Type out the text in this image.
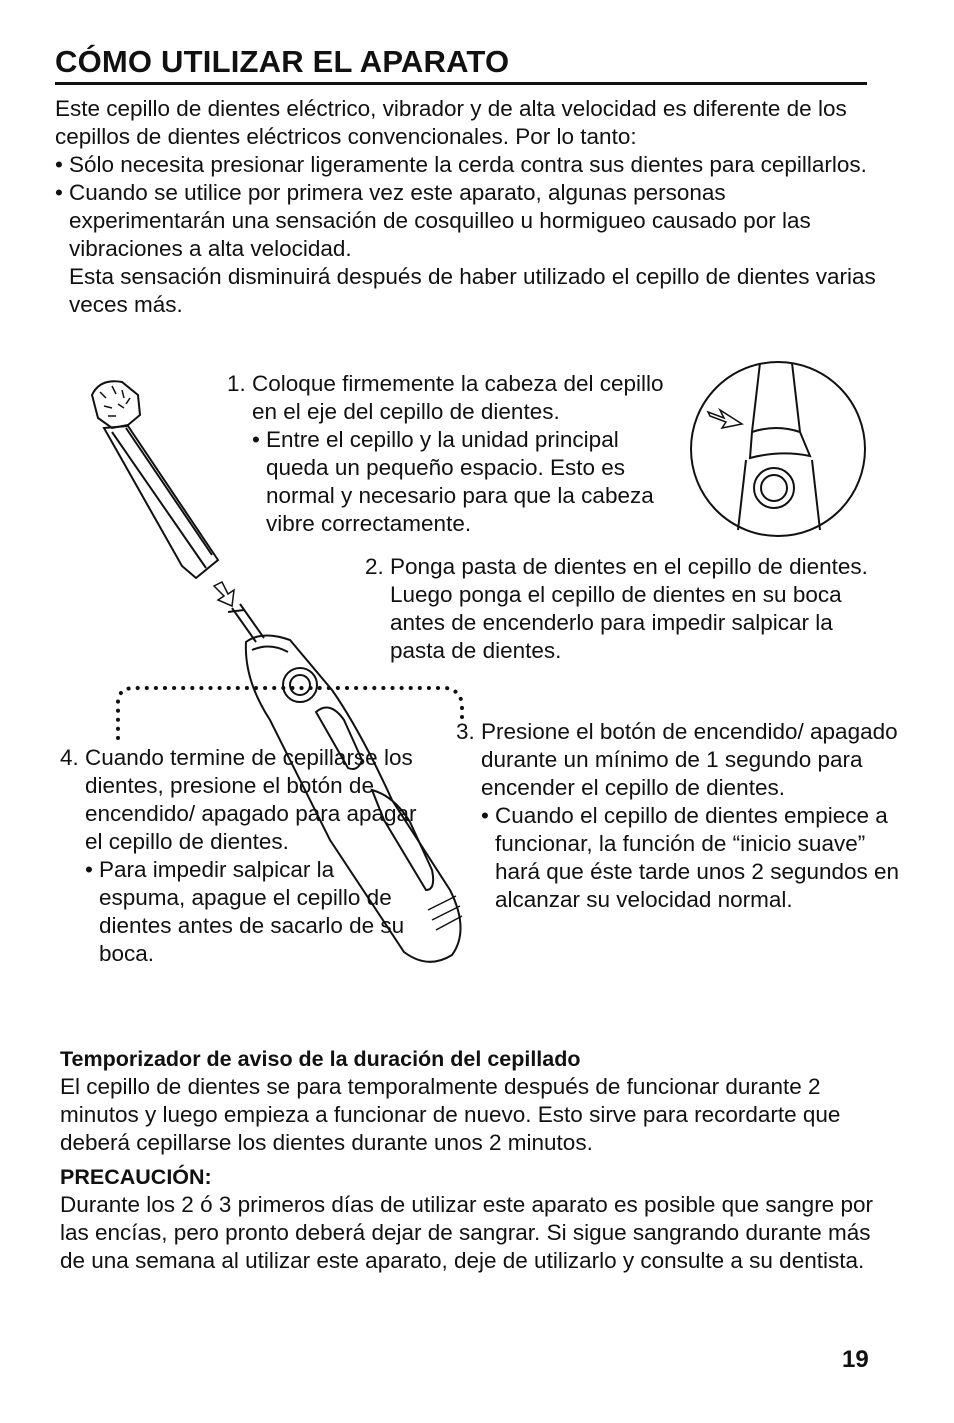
CÓMO UTILIZAR EL APARATO

Este cepillo de dientes eléctrico, vibrador y de alta velocidad es diferente de los cepillos de dientes eléctricos convencionales. Por lo tanto:

• Sólo necesita presionar ligeramente la cerda contra sus dientes para cepillarlos.
• Cuando se utilice por primera vez este aparato, algunas personas experimentarán una sensación de cosquilleo u hormigueo causado por las vibraciones a alta velocidad.
Esta sensación disminuirá después de haber utilizado el cepillo de dientes varias veces más.
1. Coloque firmemente la cabeza del cepillo en el eje del cepillo de dientes.
• Entre el cepillo y la unidad principal queda un pequeño espacio. Esto es normal y necesario para que la cabeza vibre correctamente.
2. Ponga pasta de dientes en el cepillo de dientes. Luego ponga el cepillo de dientes en su boca antes de encenderlo para impedir salpicar la pasta de dientes.
3. Presione el botón de encendido/ apagado durante un mínimo de 1 segundo para encender el cepillo de dientes.
• Cuando el cepillo de dientes empiece a funcionar, la función de “inicio suave” hará que éste tarde unos 2 segundos en alcanzar su velocidad normal.
4. Cuando termine de cepillarse los dientes, presione el botón de encendido/ apagado para apagar el cepillo de dientes.
• Para impedir salpicar la espuma, apague el cepillo de dientes antes de sacarlo de su boca.
Temporizador de aviso de la duración del cepillado
El cepillo de dientes se para temporalmente después de funcionar durante 2 minutos y luego empieza a funcionar de nuevo. Esto sirve para recordarte que deberá cepillarse los dientes durante unos 2 minutos.
PRECAUCIÓN:
Durante los 2 ó 3 primeros días de utilizar este aparato es posible que sangre por las encías, pero pronto deberá dejar de sangrar. Si sigue sangrando durante más de una semana al utilizar este aparato, deje de utilizarlo y consulte a su dentista.
19
